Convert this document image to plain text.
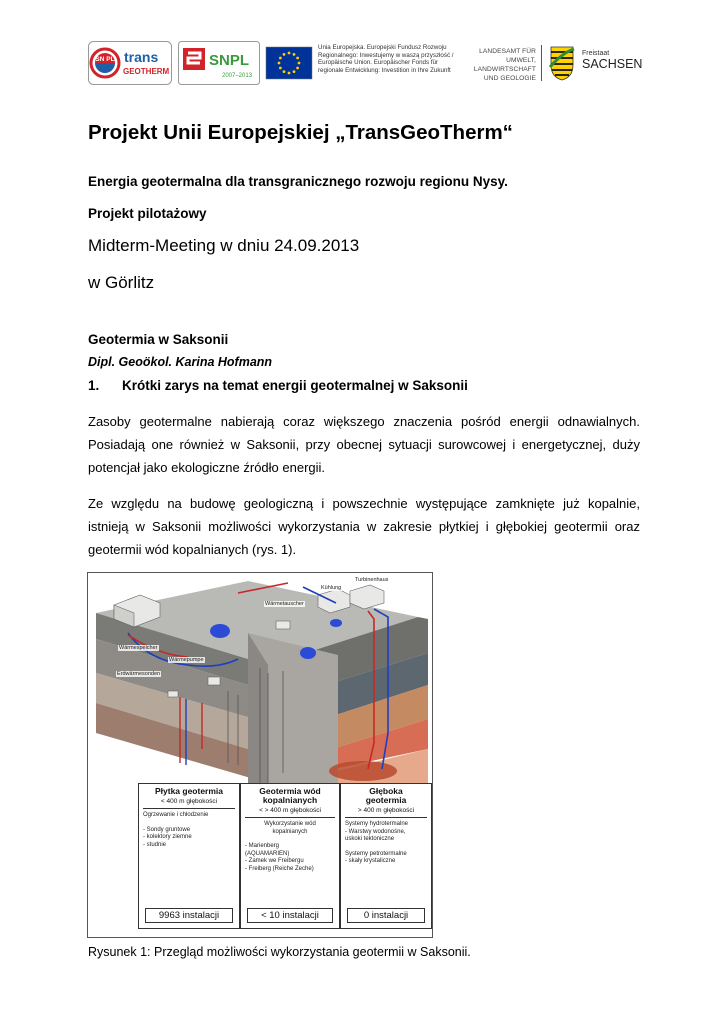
SN PL trans
GEOTHERM
SNPL
2007–2013
Unia Europejska. Europejski Fundusz Rozwoju
Regionalnego: Inwestujemy w waszą przyszłość /
Europäische Union. Europäischer Fonds für
regionale Entwicklung: Investition in Ihre Zukunft
LANDESAMT FÜR UMWELT,
LANDWIRTSCHAFT
UND GEOLOGIE
Freistaat
SACHSEN
Projekt Unii Europejskiej „TransGeoTherm“
Energia geotermalna dla transgranicznego rozwoju regionu Nysy.
Projekt pilotażowy
Midterm-Meeting w dniu 24.09.2013
w Görlitz
Geotermia w Saksonii
Dipl. Geoökol. Karina Hofmann
1. Krótki zarys na temat energii geotermalnej w Saksonii
Zasoby geotermalne nabierają coraz większego znaczenia pośród energii odnawialnych.
Posiadają one również w Saksonii, przy obecnej sytuacji surowcowej i energetycznej, duży
potencjał jako ekologiczne źródło energii.
Ze względu na budowę geologiczną i powszechnie występujące zamknięte już kopalnie,
istnieją w Saksonii możliwości wykorzystania w zakresie płytkiej i głębokiej geotermii oraz
geotermii wód kopalnianych (rys. 1).
Wärmespeicher
Wärmepumpe
Erdwärmesonden
Wärmetauscher
Kühlung
Turbinenhaus
Płytka geotermia
< 400 m głębokości
Ogrzewanie i chłodzenie
- Sondy gruntowe
- kolektory ziemne
- studnie
9963 instalacji
Geotermia wód
kopalnianych
< > 400 m głębokości
Wykorzystanie wód
kopalnianych
- Marienberg
(AQUAMARIEN)
- Zamek we Freibergu
- Freiberg (Reiche Zeche)
< 10 instalacji
Głęboka
geotermia
> 400 m głębokości
Systemy hydrotermalne
- Warstwy wodonośne,
uskoki tektoniczne
Systemy petrotermalne
- skały krystaliczne
0 instalacji
Rysunek 1: Przegląd możliwości wykorzystania geotermii w Saksonii.
